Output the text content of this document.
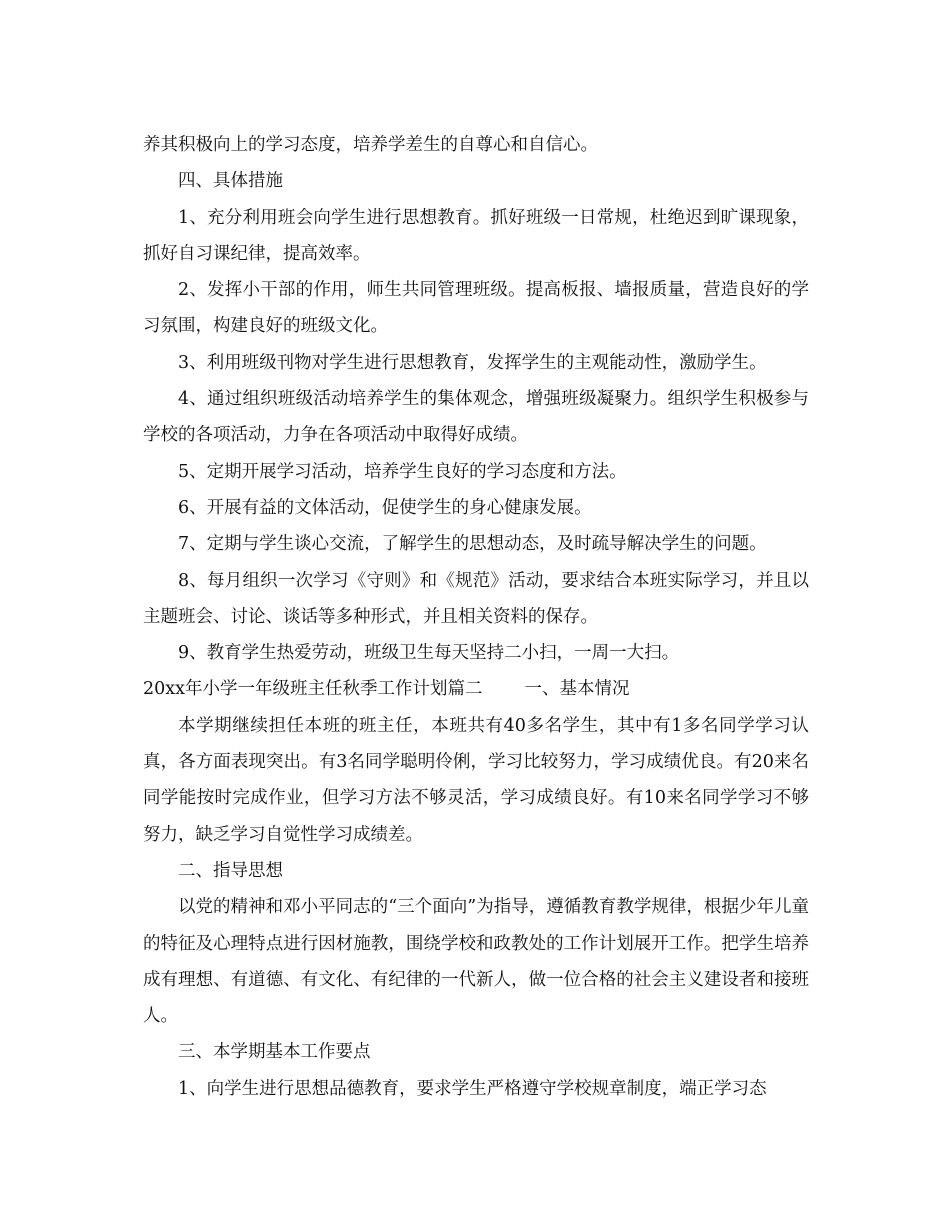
养其积极向上的学习态度，培养学差生的自尊心和自信心。

四、具体措施

1、充分利用班会向学生进行思想教育。抓好班级一日常规，杜绝迟到旷课现象，抓好自习课纪律，提高效率。

2、发挥小干部的作用，师生共同管理班级。提高板报、墙报质量，营造良好的学习氛围，构建良好的班级文化。

3、利用班级刊物对学生进行思想教育，发挥学生的主观能动性，激励学生。

4、通过组织班级活动培养学生的集体观念，增强班级凝聚力。组织学生积极参与学校的各项活动，力争在各项活动中取得好成绩。

5、定期开展学习活动，培养学生良好的学习态度和方法。

6、开展有益的文体活动，促使学生的身心健康发展。

7、定期与学生谈心交流，了解学生的思想动态，及时疏导解决学生的问题。

8、每月组织一次学习《守则》和《规范》活动，要求结合本班实际学习，并且以主题班会、讨论、谈话等多种形式，并且相关资料的保存。

9、教育学生热爱劳动，班级卫生每天坚持二小扫，一周一大扫。

20xx年小学一年级班主任秋季工作计划篇二 一、基本情况

本学期继续担任本班的班主任，本班共有40多名学生，其中有1多名同学学习认真，各方面表现突出。有3名同学聪明伶俐，学习比较努力，学习成绩优良。有20来名同学能按时完成作业，但学习方法不够灵活，学习成绩良好。有10来名同学学习不够努力，缺乏学习自觉性学习成绩差。

二、指导思想

以党的精神和邓小平同志的“三个面向”为指导，遵循教育教学规律，根据少年儿童的特征及心理特点进行因材施教，围绕学校和政教处的工作计划展开工作。把学生培养成有理想、有道德、有文化、有纪律的一代新人，做一位合格的社会主义建设者和接班人。

三、本学期基本工作要点

1、向学生进行思想品德教育，要求学生严格遵守学校规章制度，端正学习态
